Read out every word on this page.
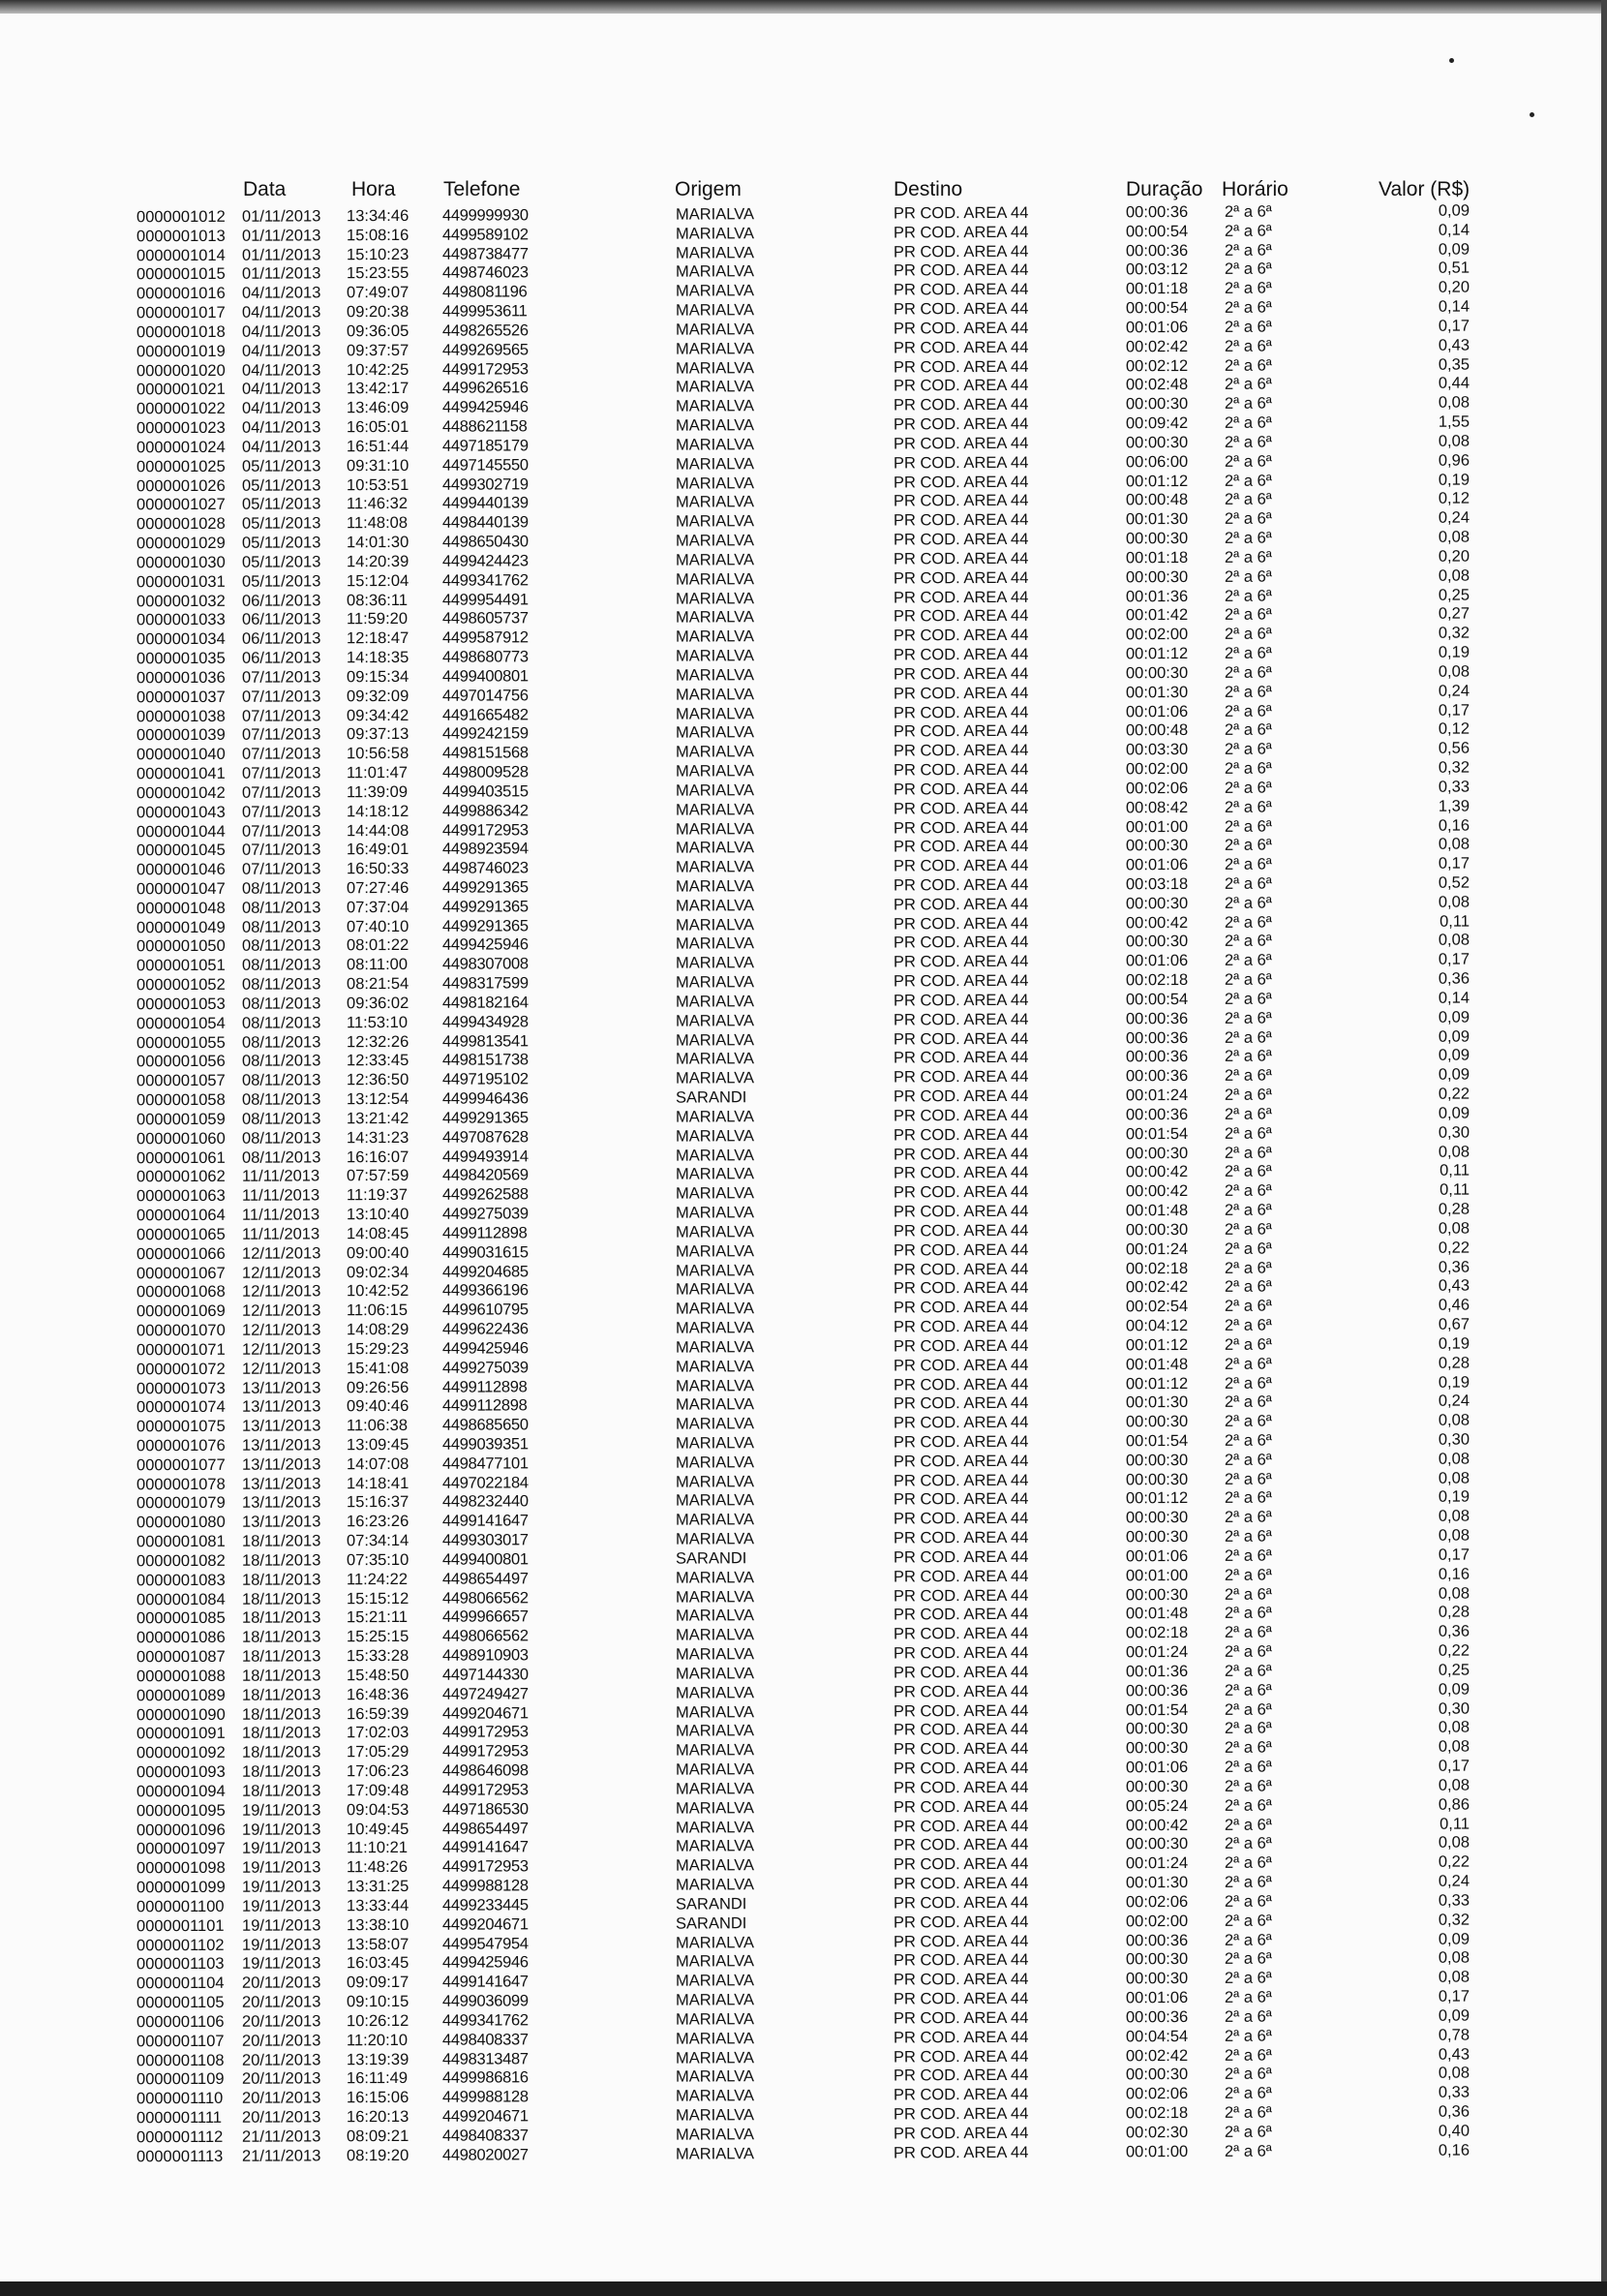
Data	Hora Telefone	Origem	Destino	Duração Horário	Valor (R$)
0000001012 01/11/2013 13:34:46 4499999930	MARIALVA	PR COD. AREA 44	00:00:36 2ª a 6ª	0,09
0000001013 01/11/2013 15:08:16 4499589102	MARIALVA	PR COD. AREA 44	00:00:54 2ª a 6ª	0,14
0000001014 01/11/2013 15:10:23 4498738477	MARIALVA	PR COD. AREA 44	00:00:36 2ª a 6ª	0,09
0000001015 01/11/2013 15:23:55 4498746023	MARIALVA	PR COD. AREA 44	00:03:12 2ª a 6ª	0,51
0000001016 04/11/2013 07:49:07 4498081196	MARIALVA	PR COD. AREA 44	00:01:18 2ª a 6ª	0,20
0000001017 04/11/2013 09:20:38 4499953611	MARIALVA	PR COD. AREA 44	00:00:54 2ª a 6ª	0,14
0000001018 04/11/2013 09:36:05 4498265526	MARIALVA	PR COD. AREA 44	00:01:06 2ª a 6ª	0,17
0000001019 04/11/2013 09:37:57 4499269565	MARIALVA	PR COD. AREA 44	00:02:42 2ª a 6ª	0,43
0000001020 04/11/2013 10:42:25 4499172953	MARIALVA	PR COD. AREA 44	00:02:12 2ª a 6ª	0,35
0000001021 04/11/2013 13:42:17 4499626516	MARIALVA	PR COD. AREA 44	00:02:48 2ª a 6ª	0,44
0000001022 04/11/2013 13:46:09 4499425946	MARIALVA	PR COD. AREA 44	00:00:30 2ª a 6ª	0,08
0000001023 04/11/2013 16:05:01 4488621158	MARIALVA	PR COD. AREA 44	00:09:42 2ª a 6ª	1,55
0000001024 04/11/2013 16:51:44 4497185179	MARIALVA	PR COD. AREA 44	00:00:30 2ª a 6ª	0,08
0000001025 05/11/2013 09:31:10 4497145550	MARIALVA	PR COD. AREA 44	00:06:00 2ª a 6ª	0,96
0000001026 05/11/2013 10:53:51 4499302719	MARIALVA	PR COD. AREA 44	00:01:12 2ª a 6ª	0,19
0000001027 05/11/2013 11:46:32 4499440139	MARIALVA	PR COD. AREA 44	00:00:48 2ª a 6ª	0,12
0000001028 05/11/2013 11:48:08 4498440139	MARIALVA	PR COD. AREA 44	00:01:30 2ª a 6ª	0,24
0000001029 05/11/2013 14:01:30 4498650430	MARIALVA	PR COD. AREA 44	00:00:30 2ª a 6ª	0,08
0000001030 05/11/2013 14:20:39 4499424423	MARIALVA	PR COD. AREA 44	00:01:18 2ª a 6ª	0,20
0000001031 05/11/2013 15:12:04 4499341762	MARIALVA	PR COD. AREA 44	00:00:30 2ª a 6ª	0,08
0000001032 06/11/2013 08:36:11 4499954491	MARIALVA	PR COD. AREA 44	00:01:36 2ª a 6ª	0,25
0000001033 06/11/2013 11:59:20 4498605737	MARIALVA	PR COD. AREA 44	00:01:42 2ª a 6ª	0,27
0000001034 06/11/2013 12:18:47 4499587912	MARIALVA	PR COD. AREA 44	00:02:00 2ª a 6ª	0,32
0000001035 06/11/2013 14:18:35 4498680773	MARIALVA	PR COD. AREA 44	00:01:12 2ª a 6ª	0,19
0000001036 07/11/2013 09:15:34 4499400801	MARIALVA	PR COD. AREA 44	00:00:30 2ª a 6ª	0,08
0000001037 07/11/2013 09:32:09 4497014756	MARIALVA	PR COD. AREA 44	00:01:30 2ª a 6ª	0,24
0000001038 07/11/2013 09:34:42 4491665482	MARIALVA	PR COD. AREA 44	00:01:06 2ª a 6ª	0,17
0000001039 07/11/2013 09:37:13 4499242159	MARIALVA	PR COD. AREA 44	00:00:48 2ª a 6ª	0,12
0000001040 07/11/2013 10:56:58 4498151568	MARIALVA	PR COD. AREA 44	00:03:30 2ª a 6ª	0,56
0000001041 07/11/2013 11:01:47 4498009528	MARIALVA	PR COD. AREA 44	00:02:00 2ª a 6ª	0,32
0000001042 07/11/2013 11:39:09 4499403515	MARIALVA	PR COD. AREA 44	00:02:06 2ª a 6ª	0,33
0000001043 07/11/2013 14:18:12 4499886342	MARIALVA	PR COD. AREA 44	00:08:42 2ª a 6ª	1,39
0000001044 07/11/2013 14:44:08 4499172953	MARIALVA	PR COD. AREA 44	00:01:00 2ª a 6ª	0,16
0000001045 07/11/2013 16:49:01 4498923594	MARIALVA	PR COD. AREA 44	00:00:30 2ª a 6ª	0,08
0000001046 07/11/2013 16:50:33 4498746023	MARIALVA	PR COD. AREA 44	00:01:06 2ª a 6ª	0,17
0000001047 08/11/2013 07:27:46 4499291365	MARIALVA	PR COD. AREA 44	00:03:18 2ª a 6ª	0,52
0000001048 08/11/2013 07:37:04 4499291365	MARIALVA	PR COD. AREA 44	00:00:30 2ª a 6ª	0,08
0000001049 08/11/2013 07:40:10 4499291365	MARIALVA	PR COD. AREA 44	00:00:42 2ª a 6ª	0,11
0000001050 08/11/2013 08:01:22 4499425946	MARIALVA	PR COD. AREA 44	00:00:30 2ª a 6ª	0,08
0000001051 08/11/2013 08:11:00 4498307008	MARIALVA	PR COD. AREA 44	00:01:06 2ª a 6ª	0,17
0000001052 08/11/2013 08:21:54 4498317599	MARIALVA	PR COD. AREA 44	00:02:18 2ª a 6ª	0,36
0000001053 08/11/2013 09:36:02 4498182164	MARIALVA	PR COD. AREA 44	00:00:54 2ª a 6ª	0,14
0000001054 08/11/2013 11:53:10 4499434928	MARIALVA	PR COD. AREA 44	00:00:36 2ª a 6ª	0,09
0000001055 08/11/2013 12:32:26 4499813541	MARIALVA	PR COD. AREA 44	00:00:36 2ª a 6ª	0,09
0000001056 08/11/2013 12:33:45 4498151738	MARIALVA	PR COD. AREA 44	00:00:36 2ª a 6ª	0,09
0000001057 08/11/2013 12:36:50 4497195102	MARIALVA	PR COD. AREA 44	00:00:36 2ª a 6ª	0,09
0000001058 08/11/2013 13:12:54 4499946436	SARANDI	PR COD. AREA 44	00:01:24 2ª a 6ª	0,22
0000001059 08/11/2013 13:21:42 4499291365	MARIALVA	PR COD. AREA 44	00:00:36 2ª a 6ª	0,09
0000001060 08/11/2013 14:31:23 4497087628	MARIALVA	PR COD. AREA 44	00:01:54 2ª a 6ª	0,30
0000001061 08/11/2013 16:16:07 4499493914	MARIALVA	PR COD. AREA 44	00:00:30 2ª a 6ª	0,08
0000001062 11/11/2013 07:57:59 4498420569	MARIALVA	PR COD. AREA 44	00:00:42 2ª a 6ª	0,11
0000001063 11/11/2013 11:19:37 4499262588	MARIALVA	PR COD. AREA 44	00:00:42 2ª a 6ª	0,11
0000001064 11/11/2013 13:10:40 4499275039	MARIALVA	PR COD. AREA 44	00:01:48 2ª a 6ª	0,28
0000001065 11/11/2013 14:08:45 4499112898	MARIALVA	PR COD. AREA 44	00:00:30 2ª a 6ª	0,08
0000001066 12/11/2013 09:00:40 4499031615	MARIALVA	PR COD. AREA 44	00:01:24 2ª a 6ª	0,22
0000001067 12/11/2013 09:02:34 4499204685	MARIALVA	PR COD. AREA 44	00:02:18 2ª a 6ª	0,36
0000001068 12/11/2013 10:42:52 4499366196	MARIALVA	PR COD. AREA 44	00:02:42 2ª a 6ª	0,43
0000001069 12/11/2013 11:06:15 4499610795	MARIALVA	PR COD. AREA 44	00:02:54 2ª a 6ª	0,46
0000001070 12/11/2013 14:08:29 4499622436	MARIALVA	PR COD. AREA 44	00:04:12 2ª a 6ª	0,67
0000001071 12/11/2013 15:29:23 4499425946	MARIALVA	PR COD. AREA 44	00:01:12 2ª a 6ª	0,19
0000001072 12/11/2013 15:41:08 4499275039	MARIALVA	PR COD. AREA 44	00:01:48 2ª a 6ª	0,28
0000001073 13/11/2013 09:26:56 4499112898	MARIALVA	PR COD. AREA 44	00:01:12 2ª a 6ª	0,19
0000001074 13/11/2013 09:40:46 4499112898	MARIALVA	PR COD. AREA 44	00:01:30 2ª a 6ª	0,24
0000001075 13/11/2013 11:06:38 4498685650	MARIALVA	PR COD. AREA 44	00:00:30 2ª a 6ª	0,08
0000001076 13/11/2013 13:09:45 4499039351	MARIALVA	PR COD. AREA 44	00:01:54 2ª a 6ª	0,30
0000001077 13/11/2013 14:07:08 4498477101	MARIALVA	PR COD. AREA 44	00:00:30 2ª a 6ª	0,08
0000001078 13/11/2013 14:18:41 4497022184	MARIALVA	PR COD. AREA 44	00:00:30 2ª a 6ª	0,08
0000001079 13/11/2013 15:16:37 4498232440	MARIALVA	PR COD. AREA 44	00:01:12 2ª a 6ª	0,19
0000001080 13/11/2013 16:23:26 4499141647	MARIALVA	PR COD. AREA 44	00:00:30 2ª a 6ª	0,08
0000001081 18/11/2013 07:34:14 4499303017	MARIALVA	PR COD. AREA 44	00:00:30 2ª a 6ª	0,08
0000001082 18/11/2013 07:35:10 4499400801	SARANDI	PR COD. AREA 44	00:01:06 2ª a 6ª	0,17
0000001083 18/11/2013 11:24:22 4498654497	MARIALVA	PR COD. AREA 44	00:01:00 2ª a 6ª	0,16
0000001084 18/11/2013 15:15:12 4498066562	MARIALVA	PR COD. AREA 44	00:00:30 2ª a 6ª	0,08
0000001085 18/11/2013 15:21:11 4499966657	MARIALVA	PR COD. AREA 44	00:01:48 2ª a 6ª	0,28
0000001086 18/11/2013 15:25:15 4498066562	MARIALVA	PR COD. AREA 44	00:02:18 2ª a 6ª	0,36
0000001087 18/11/2013 15:33:28 4498910903	MARIALVA	PR COD. AREA 44	00:01:24 2ª a 6ª	0,22
0000001088 18/11/2013 15:48:50 4497144330	MARIALVA	PR COD. AREA 44	00:01:36 2ª a 6ª	0,25
0000001089 18/11/2013 16:48:36 4497249427	MARIALVA	PR COD. AREA 44	00:00:36 2ª a 6ª	0,09
0000001090 18/11/2013 16:59:39 4499204671	MARIALVA	PR COD. AREA 44	00:01:54 2ª a 6ª	0,30
0000001091 18/11/2013 17:02:03 4499172953	MARIALVA	PR COD. AREA 44	00:00:30 2ª a 6ª	0,08
0000001092 18/11/2013 17:05:29 4499172953	MARIALVA	PR COD. AREA 44	00:00:30 2ª a 6ª	0,08
0000001093 18/11/2013 17:06:23 4498646098	MARIALVA	PR COD. AREA 44	00:01:06 2ª a 6ª	0,17
0000001094 18/11/2013 17:09:48 4499172953	MARIALVA	PR COD. AREA 44	00:00:30 2ª a 6ª	0,08
0000001095 19/11/2013 09:04:53 4497186530	MARIALVA	PR COD. AREA 44	00:05:24 2ª a 6ª	0,86
0000001096 19/11/2013 10:49:45 4498654497	MARIALVA	PR COD. AREA 44	00:00:42 2ª a 6ª	0,11
0000001097 19/11/2013 11:10:21 4499141647	MARIALVA	PR COD. AREA 44	00:00:30 2ª a 6ª	0,08
0000001098 19/11/2013 11:48:26 4499172953	MARIALVA	PR COD. AREA 44	00:01:24 2ª a 6ª	0,22
0000001099 19/11/2013 13:31:25 4499988128	MARIALVA	PR COD. AREA 44	00:01:30 2ª a 6ª	0,24
0000001100 19/11/2013 13:33:44 4499233445	SARANDI	PR COD. AREA 44	00:02:06 2ª a 6ª	0,33
0000001101 19/11/2013 13:38:10 4499204671	SARANDI	PR COD. AREA 44	00:02:00 2ª a 6ª	0,32
0000001102 19/11/2013 13:58:07 4499547954	MARIALVA	PR COD. AREA 44	00:00:36 2ª a 6ª	0,09
0000001103 19/11/2013 16:03:45 4499425946	MARIALVA	PR COD. AREA 44	00:00:30 2ª a 6ª	0,08
0000001104 20/11/2013 09:09:17 4499141647	MARIALVA	PR COD. AREA 44	00:00:30 2ª a 6ª	0,08
0000001105 20/11/2013 09:10:15 4499036099	MARIALVA	PR COD. AREA 44	00:01:06 2ª a 6ª	0,17
0000001106 20/11/2013 10:26:12 4499341762	MARIALVA	PR COD. AREA 44	00:00:36 2ª a 6ª	0,09
0000001107 20/11/2013 11:20:10 4498408337	MARIALVA	PR COD. AREA 44	00:04:54 2ª a 6ª	0,78
0000001108 20/11/2013 13:19:39 4498313487	MARIALVA	PR COD. AREA 44	00:02:42 2ª a 6ª	0,43
0000001109 20/11/2013 16:11:49 4499986816	MARIALVA	PR COD. AREA 44	00:00:30 2ª a 6ª	0,08
0000001110 20/11/2013 16:15:06 4499988128	MARIALVA	PR COD. AREA 44	00:02:06 2ª a 6ª	0,33
0000001111 20/11/2013 16:20:13 4499204671	MARIALVA	PR COD. AREA 44	00:02:18 2ª a 6ª	0,36
0000001112 21/11/2013 08:09:21 4498408337	MARIALVA	PR COD. AREA 44	00:02:30 2ª a 6ª	0,40
0000001113 21/11/2013 08:19:20 4498020027	MARIALVA	PR COD. AREA 44	00:01:00 2ª a 6ª	0,16
